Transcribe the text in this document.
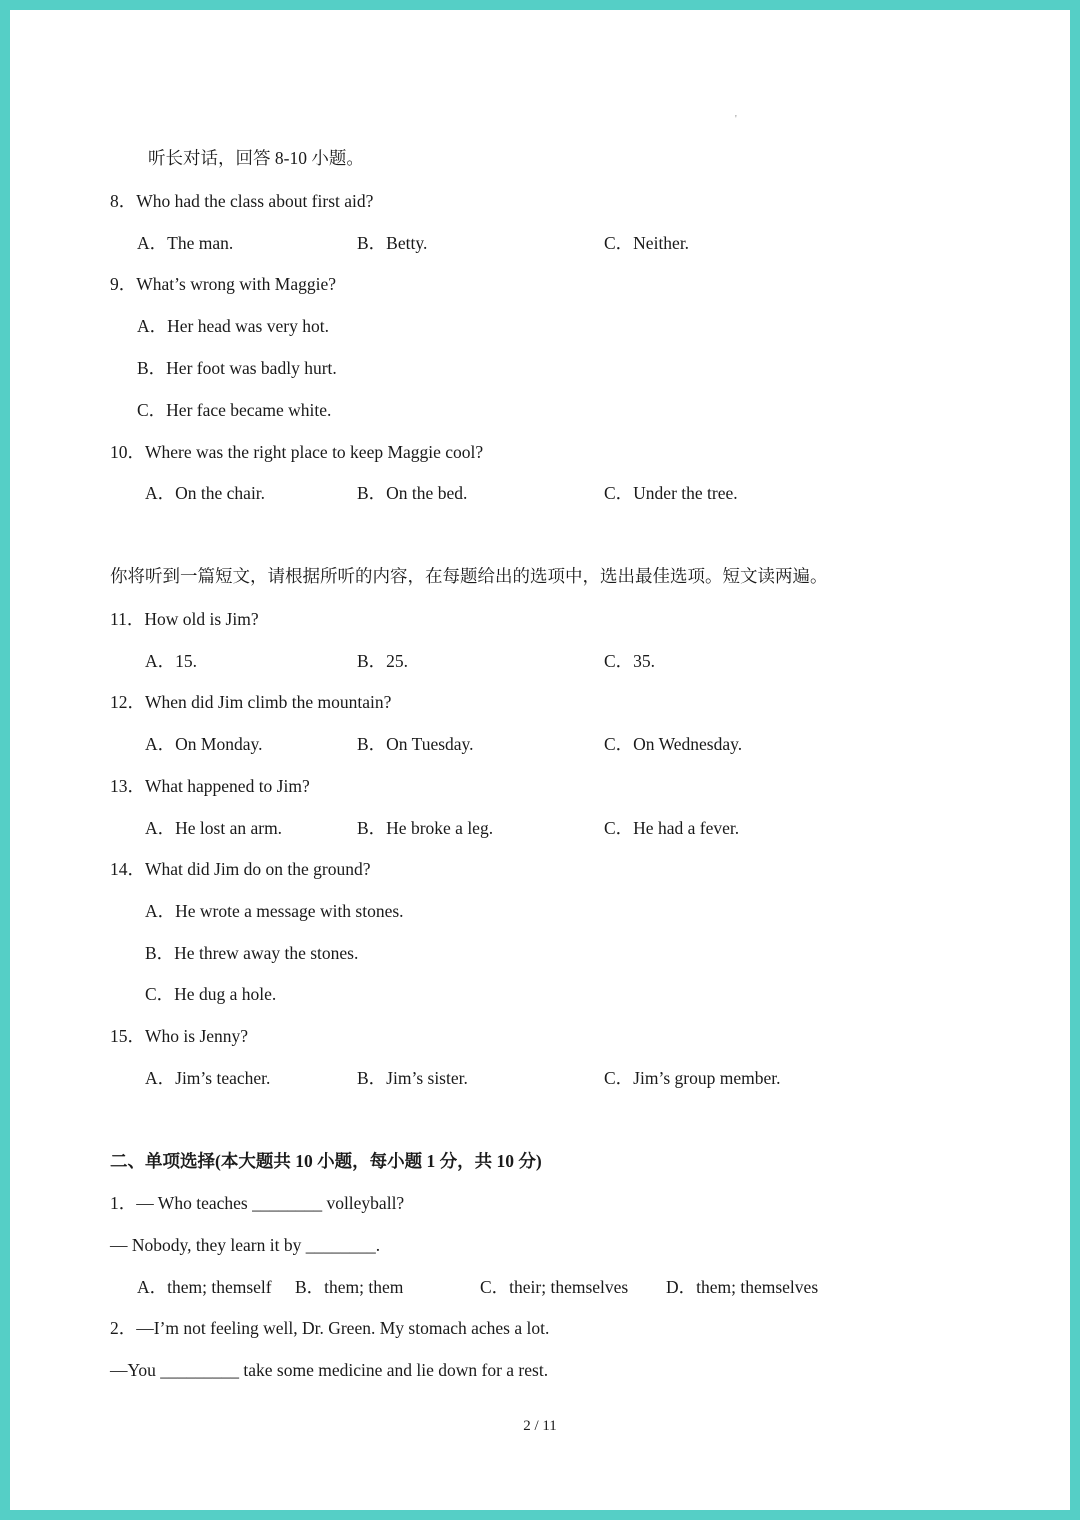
'
听长对话，回答 8-10 小题。
8．Who had the class about first aid?
A．The man.	B．Betty.	C．Neither.
9．What’s wrong with Maggie?
A．Her head was very hot.
B．Her foot was badly hurt.
C．Her face became white.
10．Where was the right place to keep Maggie cool?
A．On the chair.	B．On the bed.	C．Under the tree.
你将听到一篇短文，请根据所听的内容，在每题给出的选项中，选出最佳选项。短文读两遍。
11．How old is Jim?
A．15.	B．25.	C．35.
12．When did Jim climb the mountain?
A．On Monday.	B．On Tuesday.	C．On Wednesday.
13．What happened to Jim?
A．He lost an arm.	B．He broke a leg.	C．He had a fever.
14．What did Jim do on the ground?
A．He wrote a message with stones.
B．He threw away the stones.
C．He dug a hole.
15．Who is Jenny?
A．Jim’s teacher.	B．Jim’s sister.	C．Jim’s group member.
二、单项选择(本大题共 10 小题，每小题 1 分，共 10 分)
1．— Who teaches ________ volleyball?
— Nobody, they learn it by ________.
A．them; themself B．them; them	C．their; themselves D．them; themselves
2．—I’m not feeling well, Dr. Green. My stomach aches a lot.
—You _________ take some medicine and lie down for a rest.
2 / 11
